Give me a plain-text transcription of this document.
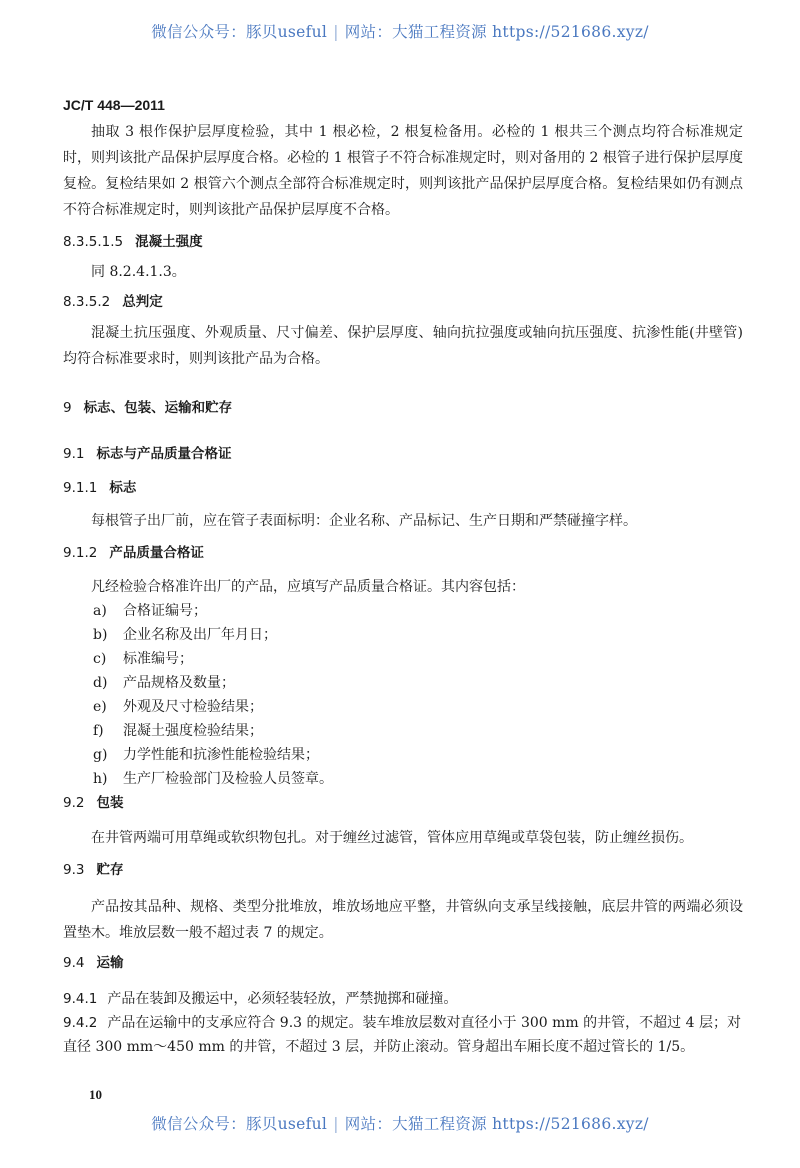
微信公众号：豚贝useful | 网站：大猫工程资源 https://521686.xyz/
JC/T 448—2011
抽取 3 根作保护层厚度检验，其中 1 根必检，2 根复检备用。必检的 1 根共三个测点均符合标准规定时，则判该批产品保护层厚度合格。必检的 1 根管子不符合标准规定时，则对备用的 2 根管子进行保护层厚度复检。复检结果如 2 根管六个测点全部符合标准规定时，则判该批产品保护层厚度合格。复检结果如仍有测点不符合标准规定时，则判该批产品保护层厚度不合格。
8.3.5.1.5 混凝土强度
同 8.2.4.1.3。
8.3.5.2 总判定
混凝土抗压强度、外观质量、尺寸偏差、保护层厚度、轴向抗拉强度或轴向抗压强度、抗渗性能(井壁管)均符合标准要求时，则判该批产品为合格。
9 标志、包装、运输和贮存
9.1 标志与产品质量合格证
9.1.1 标志
每根管子出厂前，应在管子表面标明：企业名称、产品标记、生产日期和严禁碰撞字样。
9.1.2 产品质量合格证
凡经检验合格准许出厂的产品，应填写产品质量合格证。其内容包括：
a) 合格证编号；
b) 企业名称及出厂年月日；
c) 标准编号；
d) 产品规格及数量；
e) 外观及尺寸检验结果；
f) 混凝土强度检验结果；
g) 力学性能和抗渗性能检验结果；
h) 生产厂检验部门及检验人员签章。
9.2 包装
在井管两端可用草绳或软织物包扎。对于缠丝过滤管，管体应用草绳或草袋包装，防止缠丝损伤。
9.3 贮存
产品按其品种、规格、类型分批堆放，堆放场地应平整，井管纵向支承呈线接触，底层井管的两端必须设置垫木。堆放层数一般不超过表 7 的规定。
9.4 运输
9.4.1 产品在装卸及搬运中，必须轻装轻放，严禁抛掷和碰撞。
9.4.2 产品在运输中的支承应符合 9.3 的规定。装车堆放层数对直径小于 300 mm 的井管，不超过 4 层；对直径 300 mm～450 mm 的井管，不超过 3 层，并防止滚动。管身超出车厢长度不超过管长的 1/5。
10
微信公众号：豚贝useful | 网站：大猫工程资源 https://521686.xyz/
